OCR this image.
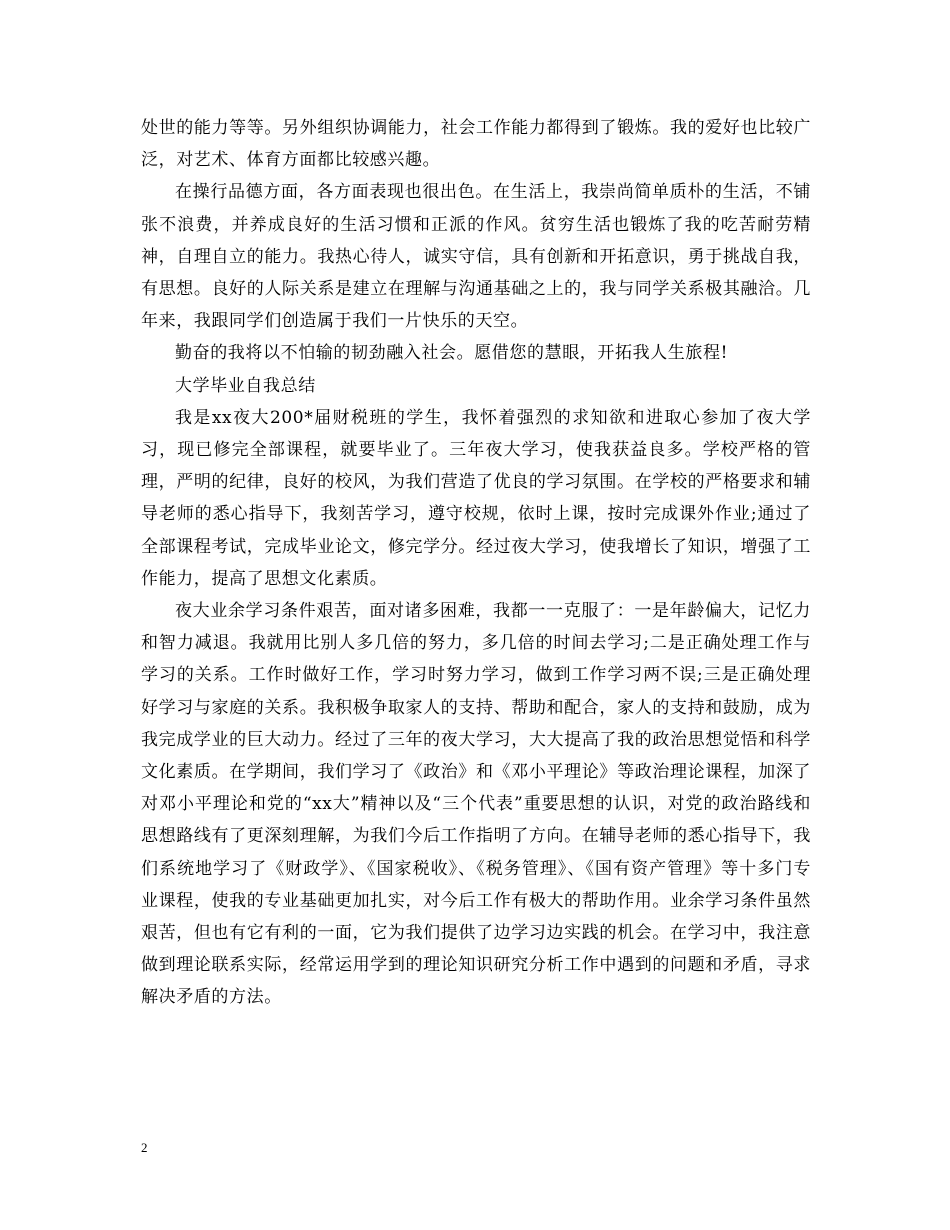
处世的能力等等。另外组织协调能力，社会工作能力都得到了锻炼。我的爱好也比较广泛，对艺术、体育方面都比较感兴趣。

在操行品德方面，各方面表现也很出色。在生活上，我崇尚简单质朴的生活，不铺张不浪费，并养成良好的生活习惯和正派的作风。贫穷生活也锻炼了我的吃苦耐劳精神，自理自立的能力。我热心待人，诚实守信，具有创新和开拓意识，勇于挑战自我，有思想。良好的人际关系是建立在理解与沟通基础之上的，我与同学关系极其融洽。几年来，我跟同学们创造属于我们一片快乐的天空。

勤奋的我将以不怕输的韧劲融入社会。愿借您的慧眼，开拓我人生旅程!

大学毕业自我总结

我是xx夜大200*届财税班的学生，我怀着强烈的求知欲和进取心参加了夜大学习，现已修完全部课程，就要毕业了。三年夜大学习，使我获益良多。学校严格的管理，严明的纪律，良好的校风，为我们营造了优良的学习氛围。在学校的严格要求和辅导老师的悉心指导下，我刻苦学习，遵守校规，依时上课，按时完成课外作业;通过了全部课程考试，完成毕业论文，修完学分。经过夜大学习，使我增长了知识，增强了工作能力，提高了思想文化素质。

夜大业余学习条件艰苦，面对诸多困难，我都一一克服了：一是年龄偏大，记忆力和智力减退。我就用比别人多几倍的努力，多几倍的时间去学习;二是正确处理工作与学习的关系。工作时做好工作，学习时努力学习，做到工作学习两不误;三是正确处理好学习与家庭的关系。我积极争取家人的支持、帮助和配合，家人的支持和鼓励，成为我完成学业的巨大动力。经过了三年的夜大学习，大大提高了我的政治思想觉悟和科学文化素质。在学期间，我们学习了《政治》和《邓小平理论》等政治理论课程，加深了对邓小平理论和党的“xx大”精神以及“三个代表”重要思想的认识，对党的政治路线和思想路线有了更深刻理解，为我们今后工作指明了方向。在辅导老师的悉心指导下，我们系统地学习了《财政学》、《国家税收》、《税务管理》、《国有资产管理》等十多门专业课程，使我的专业基础更加扎实，对今后工作有极大的帮助作用。业余学习条件虽然艰苦，但也有它有利的一面，它为我们提供了边学习边实践的机会。在学习中，我注意做到理论联系实际，经常运用学到的理论知识研究分析工作中遇到的问题和矛盾，寻求解决矛盾的方法。

2
